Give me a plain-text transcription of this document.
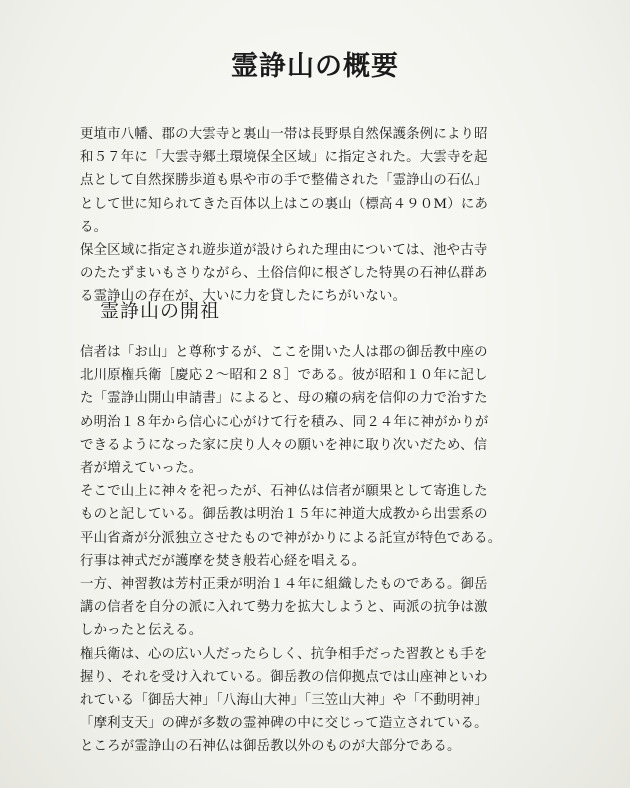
霊諍山の概要
更埴市八幡、郡の大雲寺と裏山一帯は長野県自然保護条例により昭
和５７年に「大雲寺郷土環境保全区域」に指定された。大雲寺を起
点として自然探勝歩道も県や市の手で整備された「霊諍山の石仏」
として世に知られてきた百体以上はこの裏山（標高４９０M）にあ
る。
保全区域に指定され遊歩道が設けられた理由については、池や古寺
のたたずまいもさりながら、土俗信仰に根ざした特異の石神仏群あ
る霊諍山の存在が、大いに力を貸したにちがいない。
霊諍山の開祖
信者は「お山」と尊称するが、ここを開いた人は郡の御岳教中座の
北川原権兵衛［慶応２～昭和２８］である。彼が昭和１０年に記し
た「霊諍山開山申請書」によると、母の癪の病を信仰の力で治すた
め明治１８年から信心に心がけて行を積み、同２４年に神がかりが
できるようになった家に戻り人々の願いを神に取り次いだため、信
者が増えていった。
そこで山上に神々を祀ったが、石神仏は信者が願果として寄進した
ものと記している。御岳教は明治１５年に神道大成教から出雲系の
平山省斎が分派独立させたもので神がかりによる託宣が特色である。
行事は神式だが護摩を焚き般若心経を唱える。
一方、神習教は芳村正秉が明治１４年に組織したものである。御岳
講の信者を自分の派に入れて勢力を拡大しようと、両派の抗争は激
しかったと伝える。
権兵衛は、心の広い人だったらしく、抗争相手だった習教とも手を
握り、それを受け入れている。御岳教の信仰拠点では山座神といわ
れている「御岳大神」「八海山大神」「三笠山大神」や「不動明神」
「摩利支天」の碑が多数の霊神碑の中に交じって造立されている。
ところが霊諍山の石神仏は御岳教以外のものが大部分である。
